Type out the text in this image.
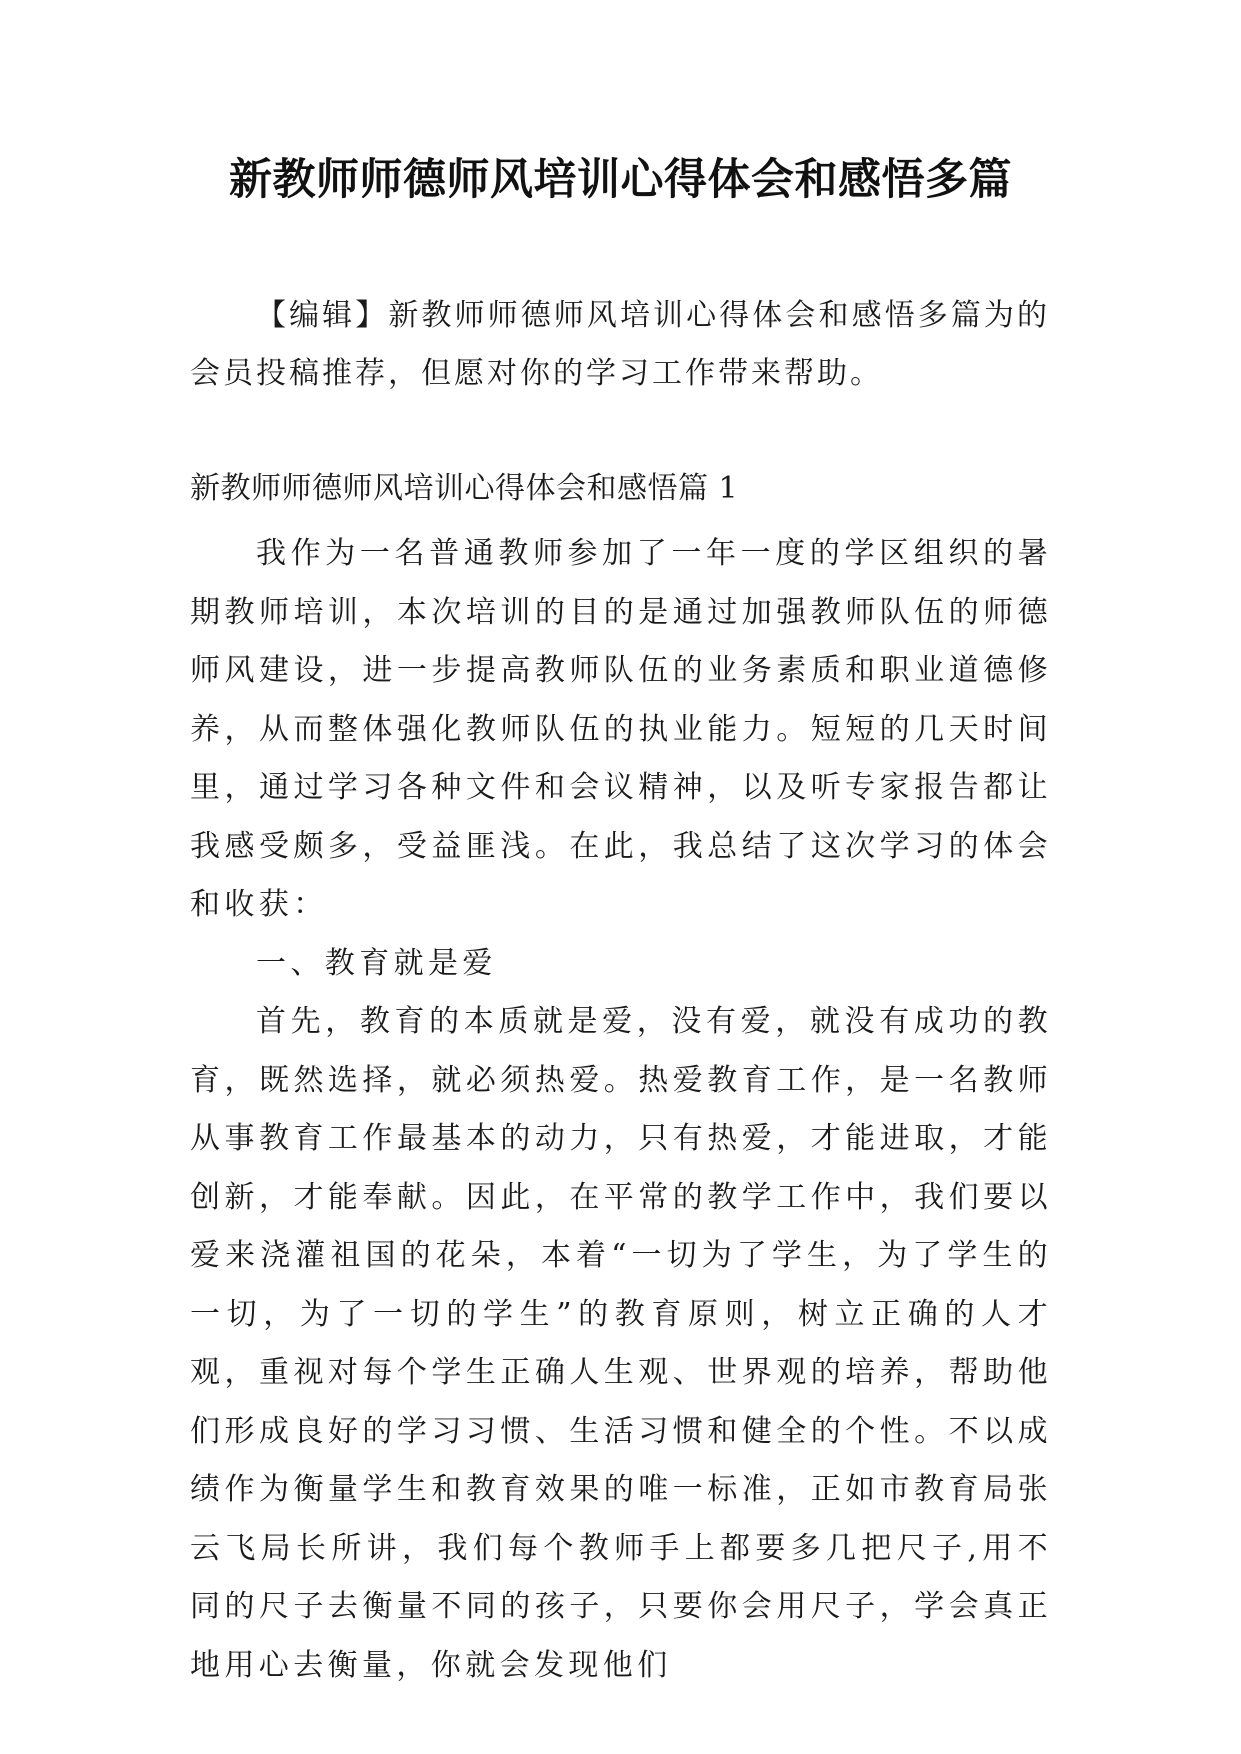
新教师师德师风培训心得体会和感悟多篇
【编辑】新教师师德师风培训心得体会和感悟多篇为的会员投稿推荐，但愿对你的学习工作带来帮助。
新教师师德师风培训心得体会和感悟篇 1

我作为一名普通教师参加了一年一度的学区组织的暑期教师培训，本次培训的目的是通过加强教师队伍的师德师风建设，进一步提高教师队伍的业务素质和职业道德修养，从而整体强化教师队伍的执业能力。短短的几天时间里，通过学习各种文件和会议精神，以及听专家报告都让我感受颇多，受益匪浅。在此，我总结了这次学习的体会和收获：

一、教育就是爱

首先，教育的本质就是爱，没有爱，就没有成功的教育，既然选择，就必须热爱。热爱教育工作，是一名教师从事教育工作最基本的动力，只有热爱，才能进取，才能创新，才能奉献。因此，在平常的教学工作中，我们要以爱来浇灌祖国的花朵，本着“一切为了学生，为了学生的一切，为了一切的学生”的教育原则，树立正确的人才观，重视对每个学生正确人生观、世界观的培养，帮助他们形成良好的学习习惯、生活习惯和健全的个性。不以成绩作为衡量学生和教育效果的唯一标准，正如市教育局张云飞局长所讲，我们每个教师手上都要多几把尺子,用不同的尺子去衡量不同的孩子，只要你会用尺子，学会真正地用心去衡量，你就会发现他们
